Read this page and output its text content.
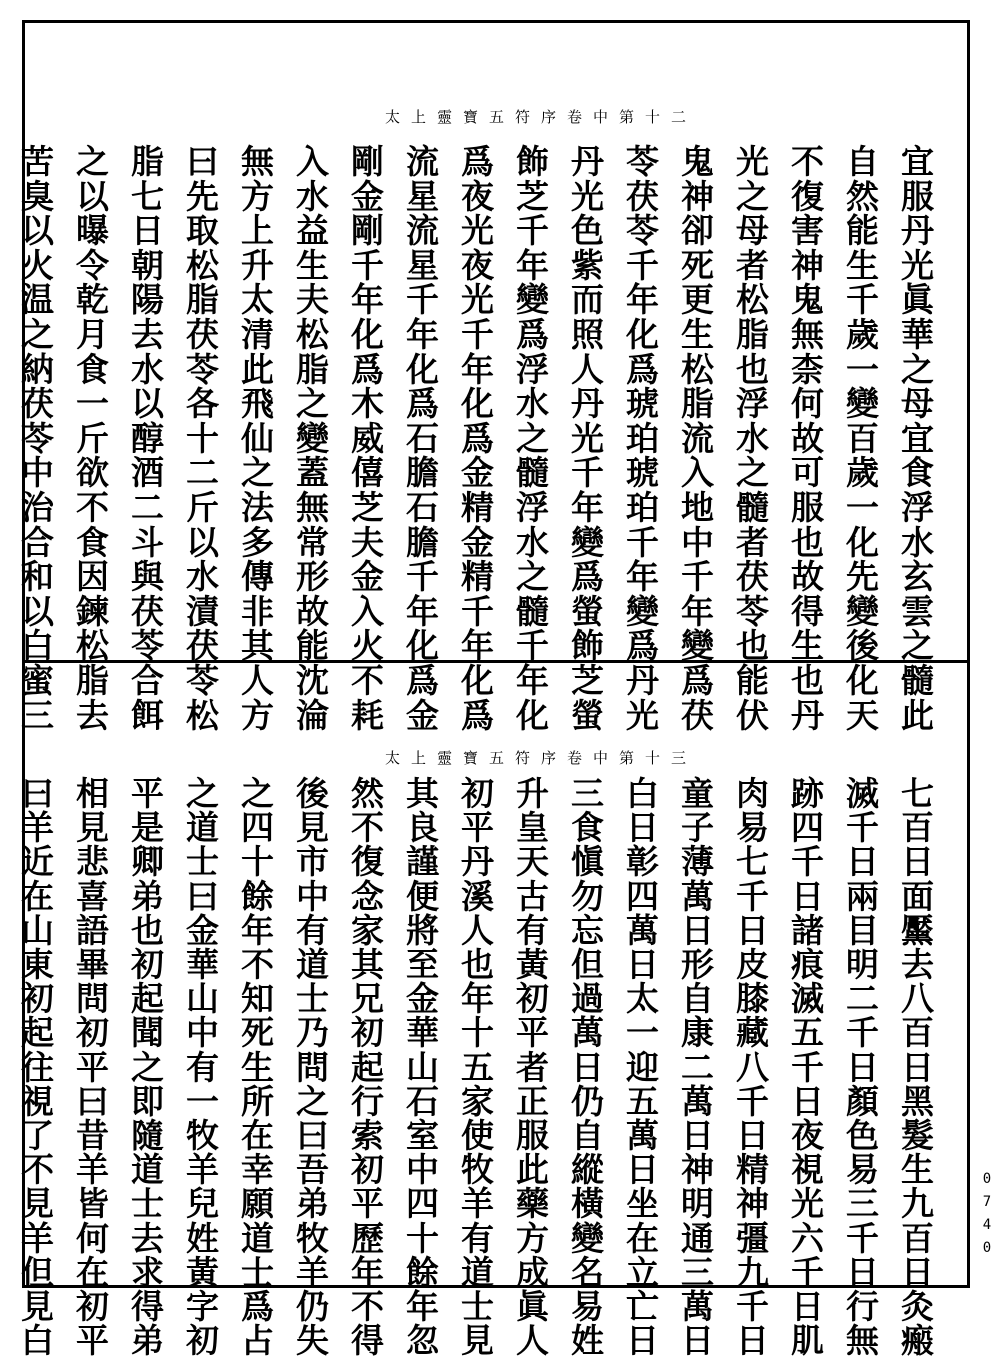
太上靈寶五符序卷中第十二
宜服丹光眞華之母宜食浮水玄雲之髓此
自然能生千歲一變百歲一化先變後化天
不復害神鬼無柰何故可服也故得生也丹
光之母者松脂也浮水之髓者茯苓也能伏
鬼神卻死更生松脂流入地中千年變爲茯
苓茯苓千年化爲琥珀琥珀千年變爲丹光
丹光色紫而照人丹光千年變爲螢飾芝螢
飾芝千年變爲浮水之髓浮水之髓千年化
爲夜光夜光千年化爲金精金精千年化爲
流星流星千年化爲石膽石膽千年化爲金
剛金剛千年化爲木威僖芝夫金入火不耗
入水益生夫松脂之變蓋無常形故能沈淪
無方上升太清此飛仙之法多傳非其人方
曰先取松脂茯苓各十二斤以水漬茯苓松
脂七日朝陽去水以醇酒二斗與茯苓合餌
之以曝令乾月食一斤欲不食因鍊松脂去
苦臭以火温之納茯苓中治合和以白蜜三
太上靈寶五符序卷中第十三
七百日面黶去八百日黑髮生九百日灸瘢
滅千日兩目明二千日顏色易三千日行無
跡四千日諸痕滅五千日夜視光六千日肌
肉易七千日皮膝藏八千日精神彊九千日
童子薄萬日形自康二萬日神明通三萬日
白日彰四萬日太一迎五萬日坐在立亡日
三食愼勿忘但過萬日仍自縱橫變名易姓
升皇天古有黃初平者正服此藥方成眞人
初平丹溪人也年十五家使牧羊有道士見
其良謹便將至金華山石室中四十餘年忽
然不復念家其兄初起行索初平歷年不得
後見市中有道士乃問之曰吾弟牧羊仍失
之四十餘年不知死生所在幸願道士爲占
之道士曰金華山中有一牧羊兒姓黃字初
平是卿弟也初起聞之即隨道士去求得弟
相見悲喜語畢問初平曰昔羊皆何在初平
曰羊近在山東初起往視了不見羊但見白
0740
